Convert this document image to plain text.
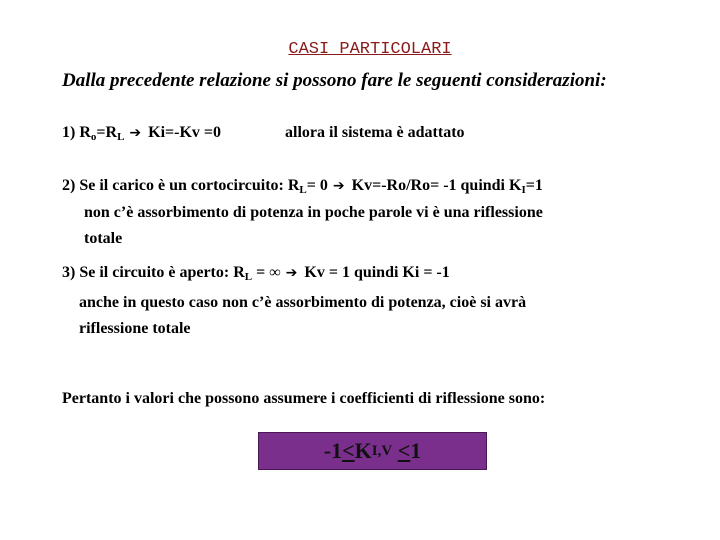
CASI PARTICOLARI
Dalla precedente relazione si possono fare le seguenti considerazioni:
1) $R_o=R_L$ ➔ Ki=-Kv =0	allora il sistema è adattato
2) Se il carico è un cortocircuito: $R_L= 0$ ➔ Kv=-Ro/Ro= -1 quindi $K_I=1$
non c’è assorbimento di potenza in poche parole vi è una riflessione
totale
3) Se il circuito è aperto: $R_L$ = ∞ ➔ Kv = 1 quindi Ki = -1
anche in questo caso non c’è assorbimento di potenza, cioè si avrà
riflessione totale
Pertanto i valori che possono assumere i coefficienti di riflessione sono:
-1 ≤ K I,V
≤ 1
